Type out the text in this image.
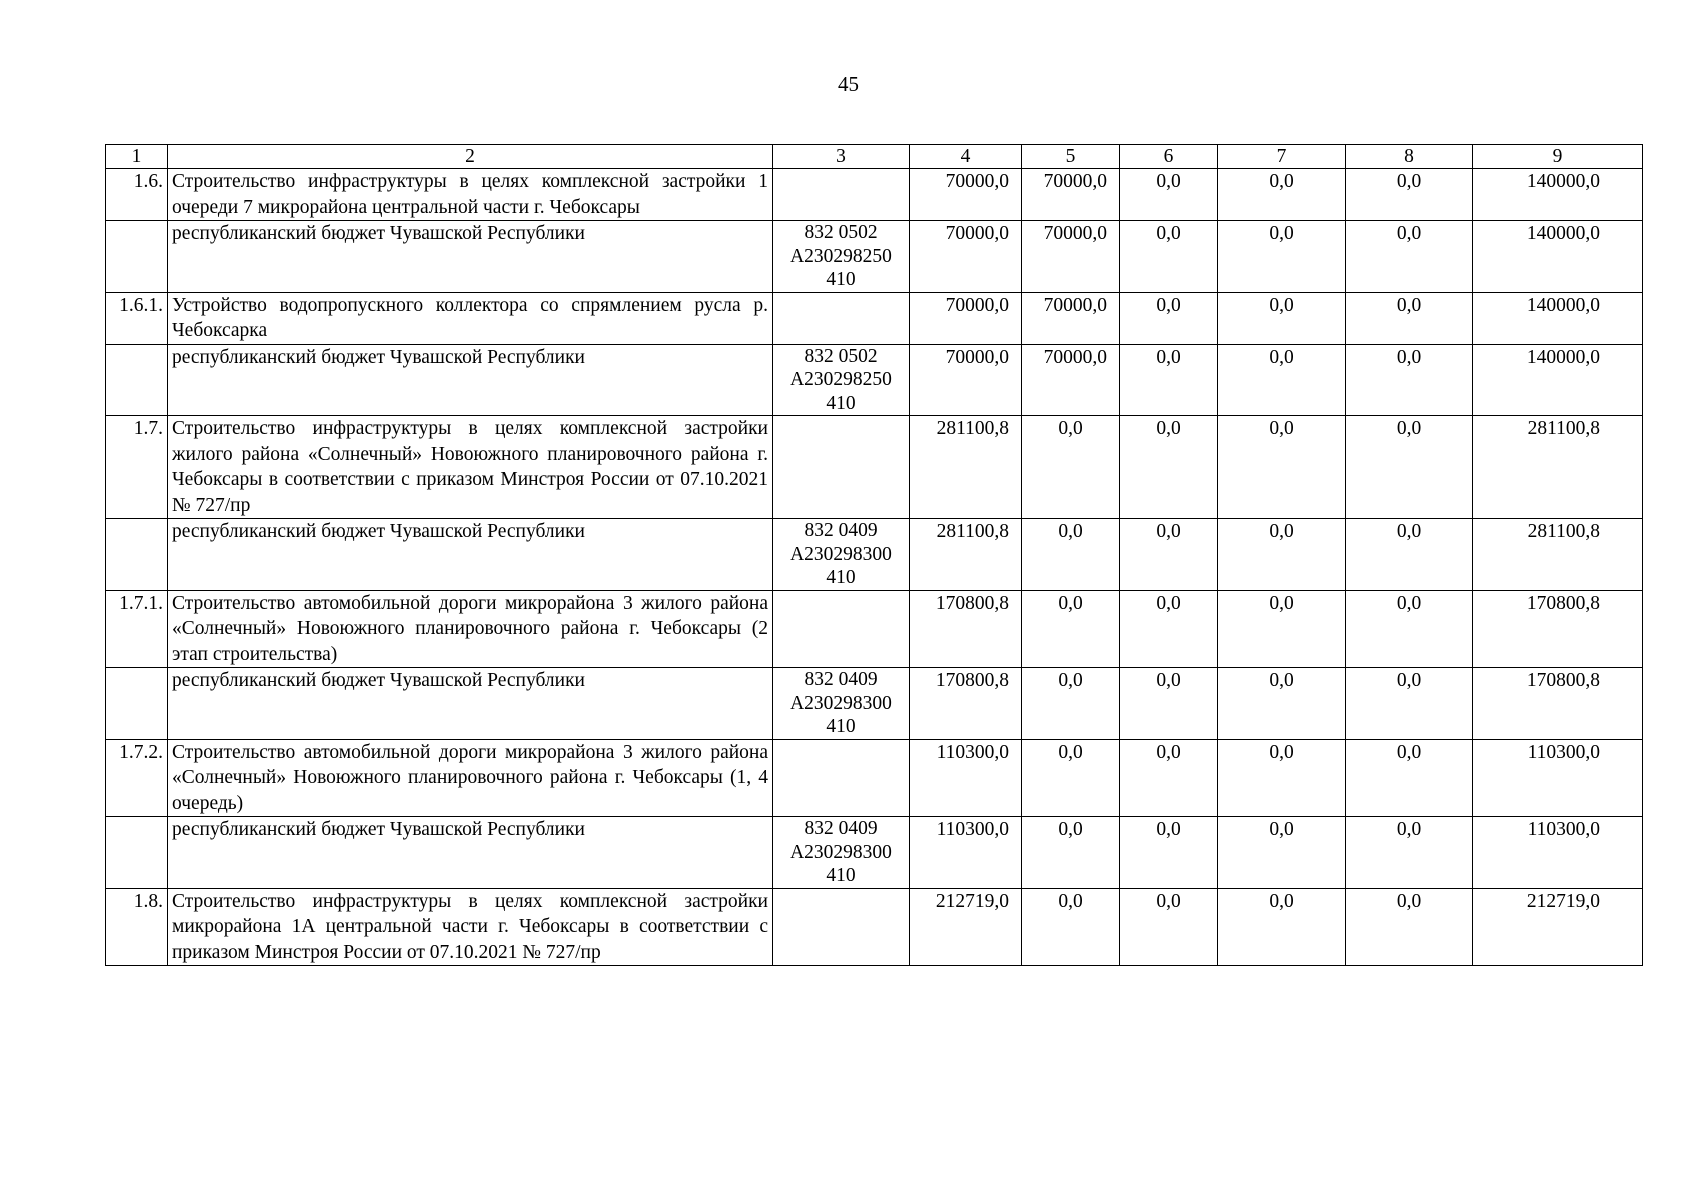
45
1	2	3	4	5	6	7	8	9
1.6.	Строительство инфраструктуры в целях комплексной застройки 1 очереди 7 микрорайона центральной части г. Чебоксары		70000,0	70000,0	0,0	0,0	0,0	140000,0
	республиканский бюджет Чувашской Республики	832 0502
А230298250
410	70000,0	70000,0	0,0	0,0	0,0	140000,0
1.6.1.	Устройство водопропускного коллектора со спрямлением русла р. Чебоксарка		70000,0	70000,0	0,0	0,0	0,0	140000,0
	республиканский бюджет Чувашской Республики	832 0502
А230298250
410	70000,0	70000,0	0,0	0,0	0,0	140000,0
1.7.	Строительство инфраструктуры в целях комплексной застройки жилого района «Солнечный» Новоюжного планировочного района г. Чебоксары в соответствии с приказом Минстроя России от 07.10.2021 № 727/пр		281100,8	0,0	0,0	0,0	0,0	281100,8
	республиканский бюджет Чувашской Республики	832 0409
А230298300
410	281100,8	0,0	0,0	0,0	0,0	281100,8
1.7.1.	Строительство автомобильной дороги микрорайона 3 жилого района «Солнечный» Новоюжного планировочного района г. Чебоксары (2 этап строительства)		170800,8	0,0	0,0	0,0	0,0	170800,8
	республиканский бюджет Чувашской Республики	832 0409
А230298300
410	170800,8	0,0	0,0	0,0	0,0	170800,8
1.7.2.	Строительство автомобильной дороги микрорайона 3 жилого района «Солнечный» Новоюжного планировочного района г. Чебоксары (1, 4 очередь)		110300,0	0,0	0,0	0,0	0,0	110300,0
	республиканский бюджет Чувашской Республики	832 0409
А230298300
410	110300,0	0,0	0,0	0,0	0,0	110300,0
1.8.	Строительство инфраструктуры в целях комплексной застройки микрорайона 1А центральной части г. Чебоксары в соответствии с приказом Минстроя России от 07.10.2021 № 727/пр		212719,0	0,0	0,0	0,0	0,0	212719,0
